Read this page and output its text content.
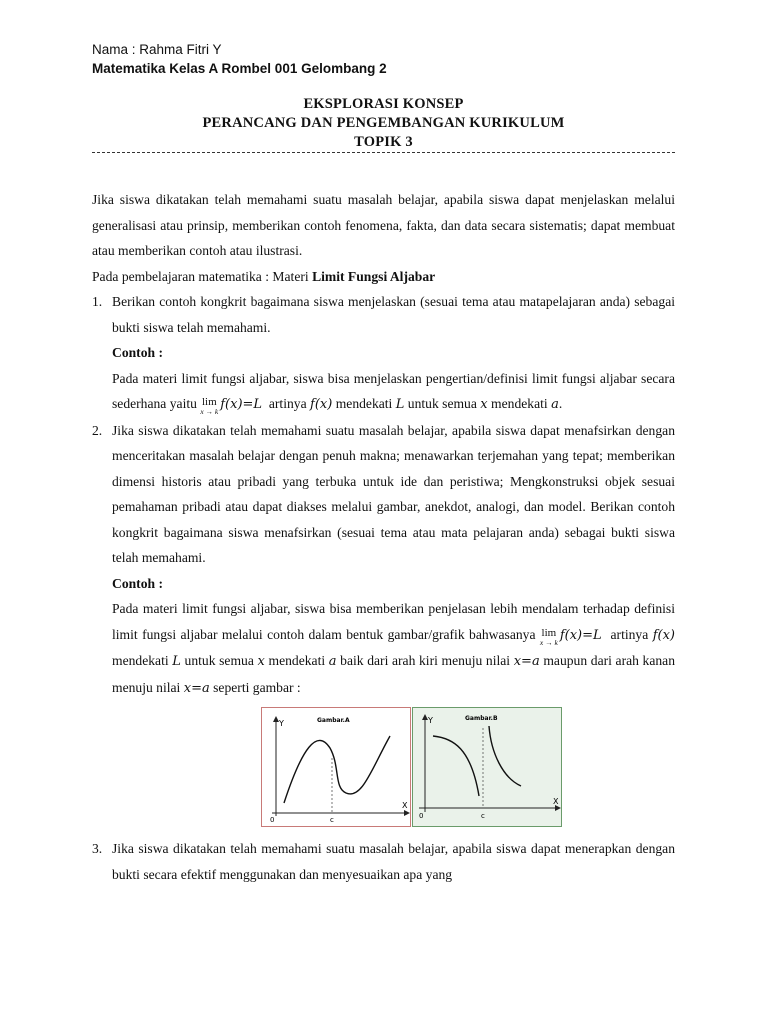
Nama : Rahma Fitri Y
Matematika Kelas A Rombel 001 Gelombang 2
EKSPLORASI KONSEP
PERANCANG DAN PENGEMBANGAN KURIKULUM
TOPIK 3

Jika siswa dikatakan telah memahami suatu masalah belajar, apabila siswa dapat menjelaskan melalui generalisasi atau prinsip, memberikan contoh fenomena, fakta, dan data secara sistematis; dapat membuat atau memberikan contoh atau ilustrasi.

Pada pembelajaran matematika : Materi Limit Fungsi Aljabar

1. Berikan contoh kongkrit bagaimana siswa menjelaskan (sesuai tema atau matapelajaran anda) sebagai bukti siswa telah memahami.

Contoh :

Pada materi limit fungsi aljabar, siswa bisa menjelaskan pengertian/definisi limit fungsi aljabar secara sederhana yaitu lim
x → k f(x)=L artinya f(x) mendekati L untuk semua x mendekati a.

2. Jika siswa dikatakan telah memahami suatu masalah belajar, apabila siswa dapat menafsirkan dengan menceritakan masalah belajar dengan penuh makna; menawarkan terjemahan yang tepat; memberikan dimensi historis atau pribadi yang terbuka untuk ide dan peristiwa; Mengkonstruksi objek sesuai pemahaman pribadi atau dapat diakses melalui gambar, anekdot, analogi, dan model. Berikan contoh kongkrit bagaimana siswa menafsirkan (sesuai tema atau mata pelajaran anda) sebagai bukti siswa telah memahami.

Contoh :

Pada materi limit fungsi aljabar, siswa bisa memberikan penjelasan lebih mendalam terhadap definisi limit fungsi aljabar melalui contoh dalam bentuk gambar/grafik bahwasanya lim
x → k f(x)=L artinya f(x) mendekati L untuk semua x mendekati a baik dari arah kiri menuju nilai x=a maupun dari arah kanan menuju nilai x=a seperti gambar :

Gambar.A
Y
X
0	c
Gambar.B
Y
X
0	c
3. Jika siswa dikatakan telah memahami suatu masalah belajar, apabila siswa dapat menerapkan dengan bukti secara efektif menggunakan dan menyesuaikan apa yang
